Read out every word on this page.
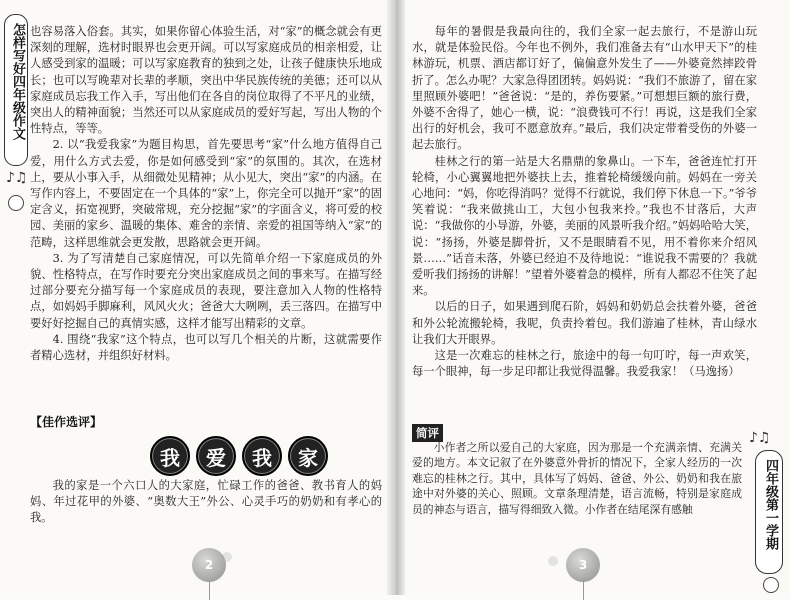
怎样写好四年级作文
♪♫

也容易落入俗套。其实，如果你留心体验生活，对“家”的概念就会有更深刻的理解，选材时眼界也会更开阔。可以写家庭成员的相亲相爱，让人感受到家的温暖；可以写家庭教育的独到之处，让孩子健康快乐地成长；也可以写晚辈对长辈的孝顺，突出中华民族传统的美德；还可以从家庭成员忘我工作入手，写出他们在各自的岗位取得了不平凡的业绩，突出人的精神面貌；当然还可以从家庭成员的爱好写起，写出人物的个性特点，等等。

2. 以“我爱我家”为题目构思，首先要思考“家”什么地方值得自己爱，用什么方式去爱，你是如何感受到“家”的氛围的。其次，在选材上，要从小事入手，从细微处见精神；从小见大，突出“家”的内涵。在写作内容上，不要固定在一个具体的“家”上，你完全可以抛开“家”的固定含义，拓宽视野，突破常规，充分挖掘“家”的字面含义，将可爱的校园、美丽的家乡、温暖的集体、难舍的亲情、亲爱的祖国等纳入“家”的范畴，这样思维就会更发散，思路就会更开阔。

3. 为了写清楚自己家庭情况，可以先简单介绍一下家庭成员的外貌、性格特点，在写作时要充分突出家庭成员之间的事来写。在描写经过部分要充分描写每一个家庭成员的表现，要注意加入人物的性格特点，如妈妈手脚麻利，风风火火；爸爸大大咧咧，丢三落四。在描写中要好好挖掘自己的真情实感，这样才能写出精彩的文章。

4. 围绕“我家”这个特点，也可以写几个相关的片断，这就需要作者精心选材，并组织好材料。

【佳作选评】
我	爱	我	家

我的家是一个六口人的大家庭，忙碌工作的爸爸、教书育人的妈妈、年过花甲的外婆、“奥数大王”外公、心灵手巧的奶奶和有孝心的我。

2
♪♫

每年的暑假是我最向往的，我们全家一起去旅行，不是游山玩水，就是体验民俗。今年也不例外，我们准备去有“山水甲天下”的桂林游玩，机票、酒店都订好了，偏偏意外发生了——外婆竟然摔跤骨折了。怎么办呢？大家急得团团转。妈妈说：“我们不旅游了，留在家里照顾外婆吧！”爸爸说：“是的，养伤要紧。”可想想巨额的旅行费，外婆不舍得了，她心一横，说：“浪费钱可不行！再说，这是我们全家出行的好机会，我可不愿意放弃。”最后，我们决定带着受伤的外婆一起去旅行。

桂林之行的第一站是大名鼎鼎的象鼻山。一下车，爸爸连忙打开轮椅，小心翼翼地把外婆扶上去，推着轮椅缓缓向前。妈妈在一旁关心地问：“妈，你吃得消吗？觉得不行就说，我们停下休息一下。”爷爷笑着说：“我来做挑山工，大包小包我来拎。”我也不甘落后，大声说：“我做你的小导游，外婆，美丽的风景听我介绍。”妈妈哈哈大笑，说：“扬扬，外婆是脚骨折，又不是眼睛看不见，用不着你来介绍风景……”话音未落，外婆已经迫不及待地说：“谁说我不需要的？我就爱听我们扬扬的讲解！”望着外婆着急的模样，所有人都忍不住笑了起来。

以后的日子，如果遇到爬石阶，妈妈和奶奶总会扶着外婆，爸爸和外公轮流搬轮椅，我呢，负责拎着包。我们游遍了桂林，青山绿水让我们大开眼界。

这是一次难忘的桂林之行，旅途中的每一句叮咛，每一声欢笑，每一个眼神，每一步足印都让我觉得温馨。我爱我家！（马逸扬）

简评

小作者之所以爱自己的大家庭，因为那是一个充满亲情、充满关爱的地方。本文记叙了在外婆意外骨折的情况下，全家人经历的一次难忘的桂林之行。其中，具体写了妈妈、爸爸、外公、奶奶和我在旅途中对外婆的关心、照顾。文章条理清楚，语言流畅，特别是家庭成员的神态与语言，描写得细致入微。小作者在结尾深有感触	四年级第一学期
3
